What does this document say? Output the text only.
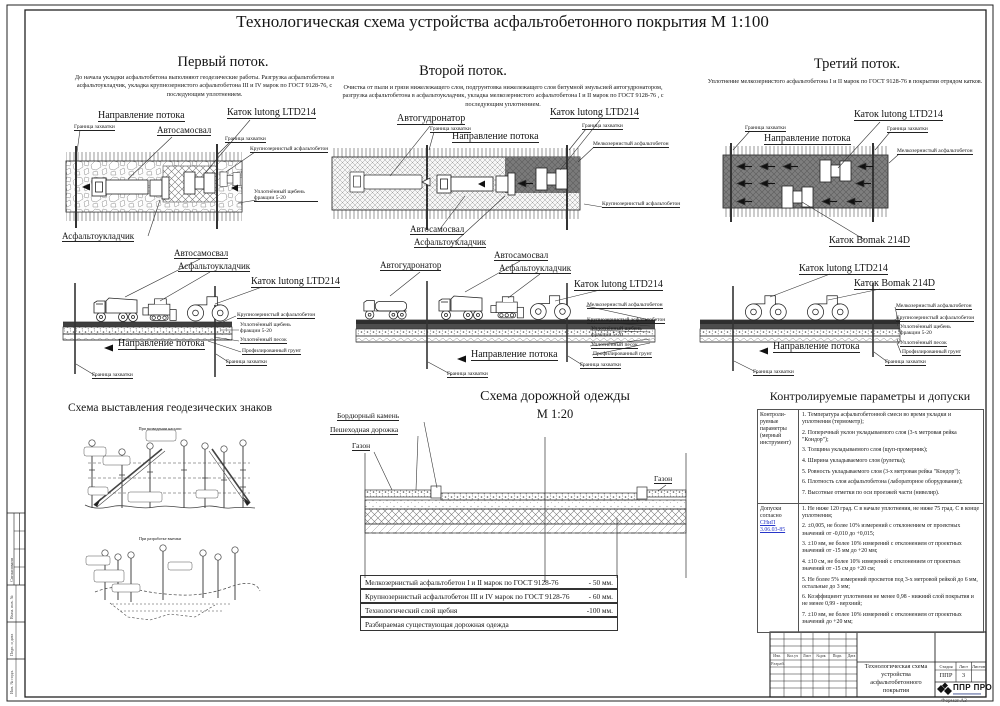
Технологическая схема устройства асфальтобетонного покрытия М 1:100
Первый поток.
До начала укладки асфальтобетона выполняют геодезические работы. Разгрузка асфальтобетона в асфальтоукладчик, укладка крупнозернистого асфальтобетона III и IV марок по ГОСТ 9128-76, с последующим уплотнением.
Второй поток.
Очистка от пыли и грязи нижележащего слоя, подгрунтовка нижележащего слоя битумной эмульсией автогудронатором, разгрузка асфальтобетона в асфальтоукладчик, укладка мелкозернистого асфальтобетона I и II марок по ГОСТ 9128-76 , с последующим уплотнением.
Третий поток.
Уплотнение мелкозернистого асфальтобетона I и II марок по ГОСТ 9128-76 в покрытии отрядом катков.
Направление потока
Граница захватки	Автосамосвал
Каток lutong LTD214
Граница захватки
Крупнозернистый асфальтобетон
Уплотнённый щебень фракции 5-20
Асфальтоукладчик
Автогудронатор
Граница захватки
Направление потока
Каток lutong LTD214
Граница захватки
Мелкозернистый асфальтобетон
Крупнозернистый асфальтобетон
Автосамосвал
Асфальтоукладчик
Каток lutong LTD214
Граница захватки
Направление потока
Граница захватки
Мелкозернистый асфальтобетон
Каток Bomak 214D
Автосамосвал
Асфальтоукладчик
Каток lutong LTD214
Крупнозернистый асфальтобетон
Уплотнённый щебень фракции 5-20
Уплотнённый песок
Профилированный грунт
Направление потока
Граница захватки
Граница захватки
Автогудронатор
Автосамосвал
Асфальтоукладчик
Каток lutong LTD214
Мелкозернистый асфальтобетон
Крупнозернистый асфальтобетон
Уплотнённый щебень фракции 5-20
Уплотнённый песок
Профилированный грунт
Направление потока
Граница захватки
Граница захватки
Каток lutong LTD214
Каток Bomak 214D
Мелкозернистый асфальтобетон
Крупнозернистый асфальтобетон
Уплотнённый щебень фракции 5-20
Уплотнённый песок
Профилированный грунт
Направление потока
Граница захватки
Граница захватки
Схема выставления геодезических знаков
При возведении насыпи
При разработке выемки
Схема дорожной одежды
М 1:20
Бордюрный камень
Пешеходная дорожка
Газон
Газон
Мелкозернистый асфальтобетон I и II марок по ГОСТ 9128-76	- 50 мм.
Крупнозернистый асфальтобетон III и IV марок по ГОСТ 9128-76	- 60 мм.
Технологический слой щебня	-100 мм.
Разбираемая существующая дорожная одежда
Контролируемые параметры и допуски
Контроли-руемые параметры (мерный инструмент)
1. Температура асфальтобетонной смеси во время укладки и уплотнения (термометр);
2. Поперечный уклон укладываемого слоя (3-х метровая рейка "Кондор");
3. Толщина укладываемого слоя (щуп-промерник);
4. Ширина укладываемого слоя (рулетка);
5. Ровность укладываемого слоя (3-х метровая рейка "Кондор");
6. Плотность слоя асфальтобетона (лабораторное оборудование);
7. Высотные отметки по оси проезжей части (нивелир).
Допуски согласно
СНиП 3.06.03-85
1. Не ниже 120 град. С в начале уплотнения, не ниже 75 град. С в конце уплотнения;
2. ±0,005, не более 10% измерений с отклонением от проектных значений от -0,010 до +0,015;
3. ±10 мм, не более 10% измерений с отклонением от проектных значений от -15 мм до +20 мм;
4. ±10 см, не более 10% измерений с отклонением от проектных значений от -15 см до +20 см;
5. Не более 5% измерений просветов под 3-х метровой рейкой до 6 мм, остальные до 3 мм;
6. Коэффициент уплотнения не менее 0,98 - нижний слой покрытия и не менее 0,99 - верхний;
7. ±10 мм, не более 10% измерений с отклонением от проектных значений до +20 мм;
Изм.	Кол.уч	Лист	№док	Подп.	Дата
Разраб.	Технологическая схема устройства асфальтобетонного покрытия
Стадия	Лист Листов
ППР	3
ППР ПРО
Формат А3
Согласовано
Взам. инв. №
Подп. и дата
Инв. № подл.
